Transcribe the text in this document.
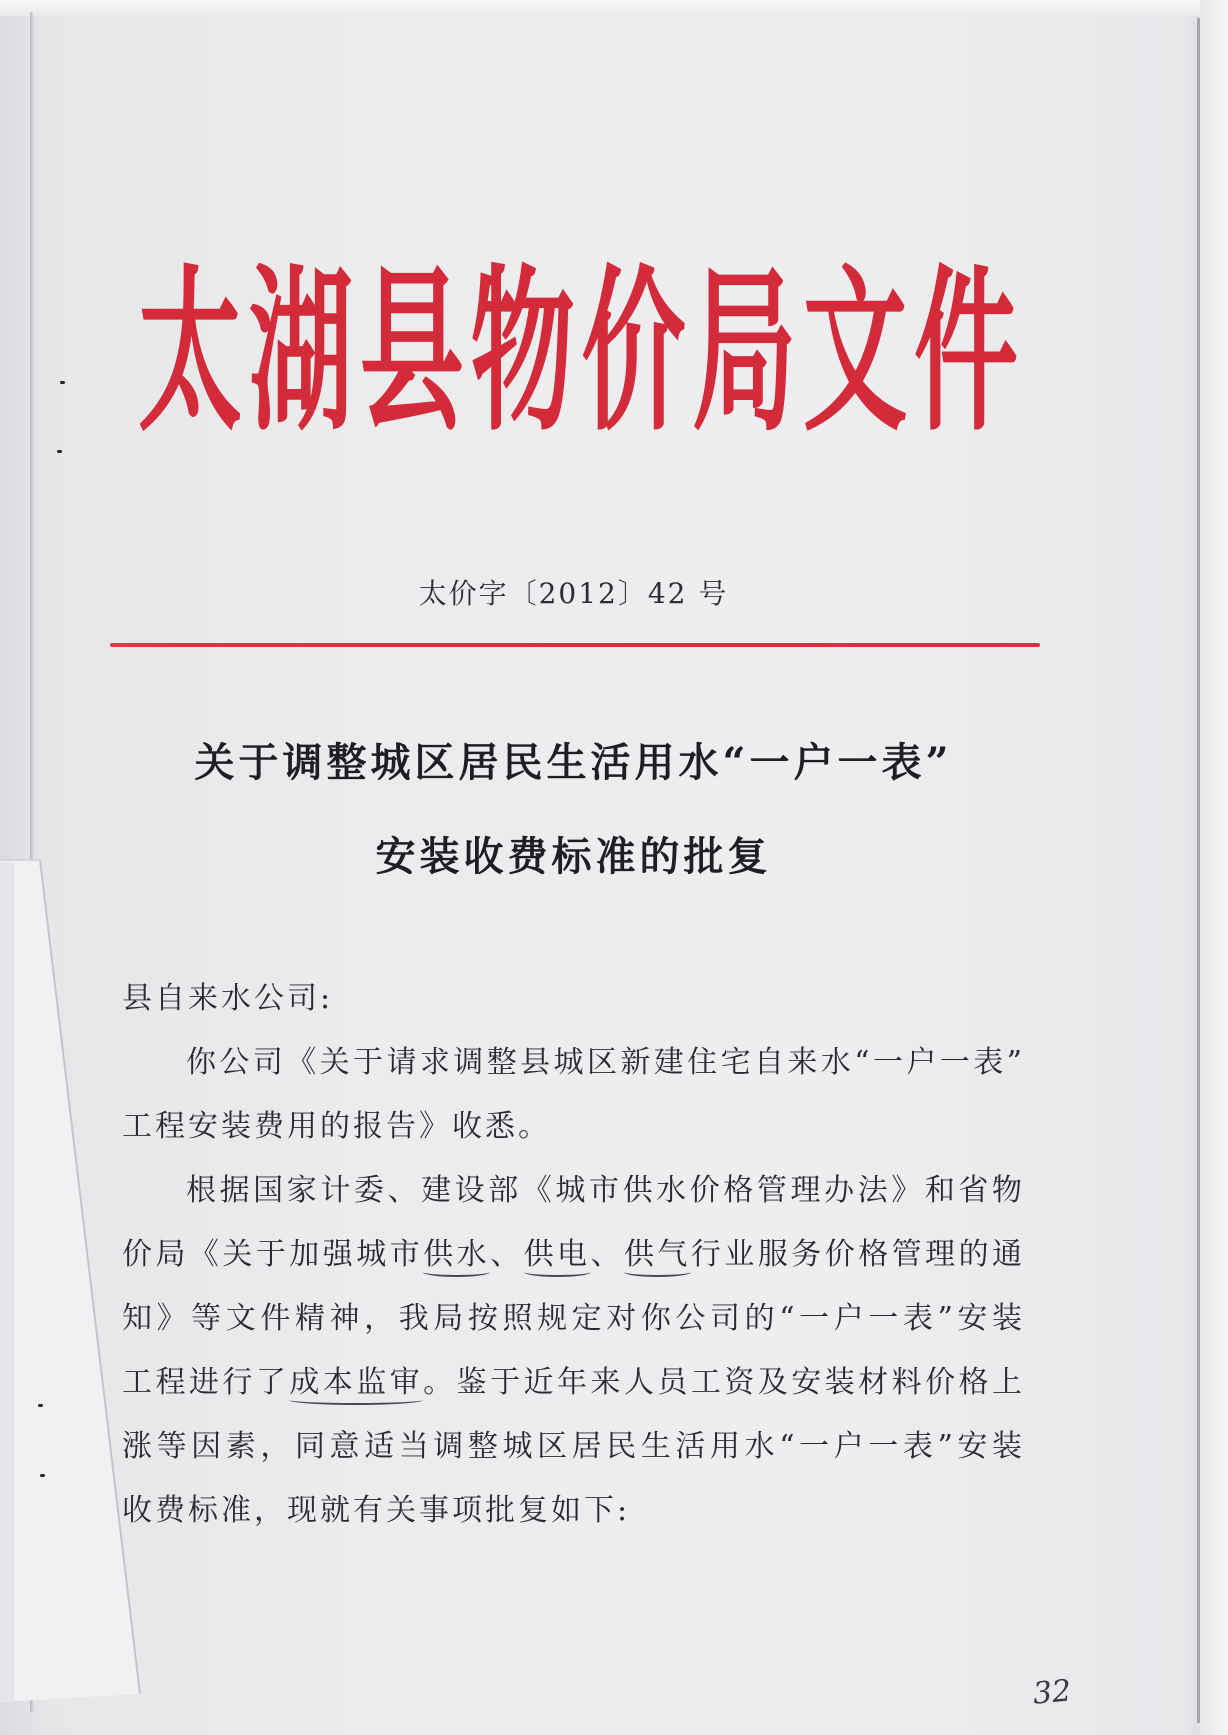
太湖县物价局文件
太价字〔2012〕42 号
关于调整城区居民生活用水“一户一表”
安装收费标准的批复
县自来水公司:
你公司《关于请求调整县城区新建住宅自来水“一户一表”
工程安装费用的报告》收悉。
根据国家计委、建设部《城市供水价格管理办法》和省物
价局《关于加强城市供水、供电、供气行业服务价格管理的通
知》等文件精神，我局按照规定对你公司的“一户一表”安装
工程进行了成本监审。鉴于近年来人员工资及安装材料价格上
涨等因素，同意适当调整城区居民生活用水“一户一表”安装
收费标准，现就有关事项批复如下:
32
